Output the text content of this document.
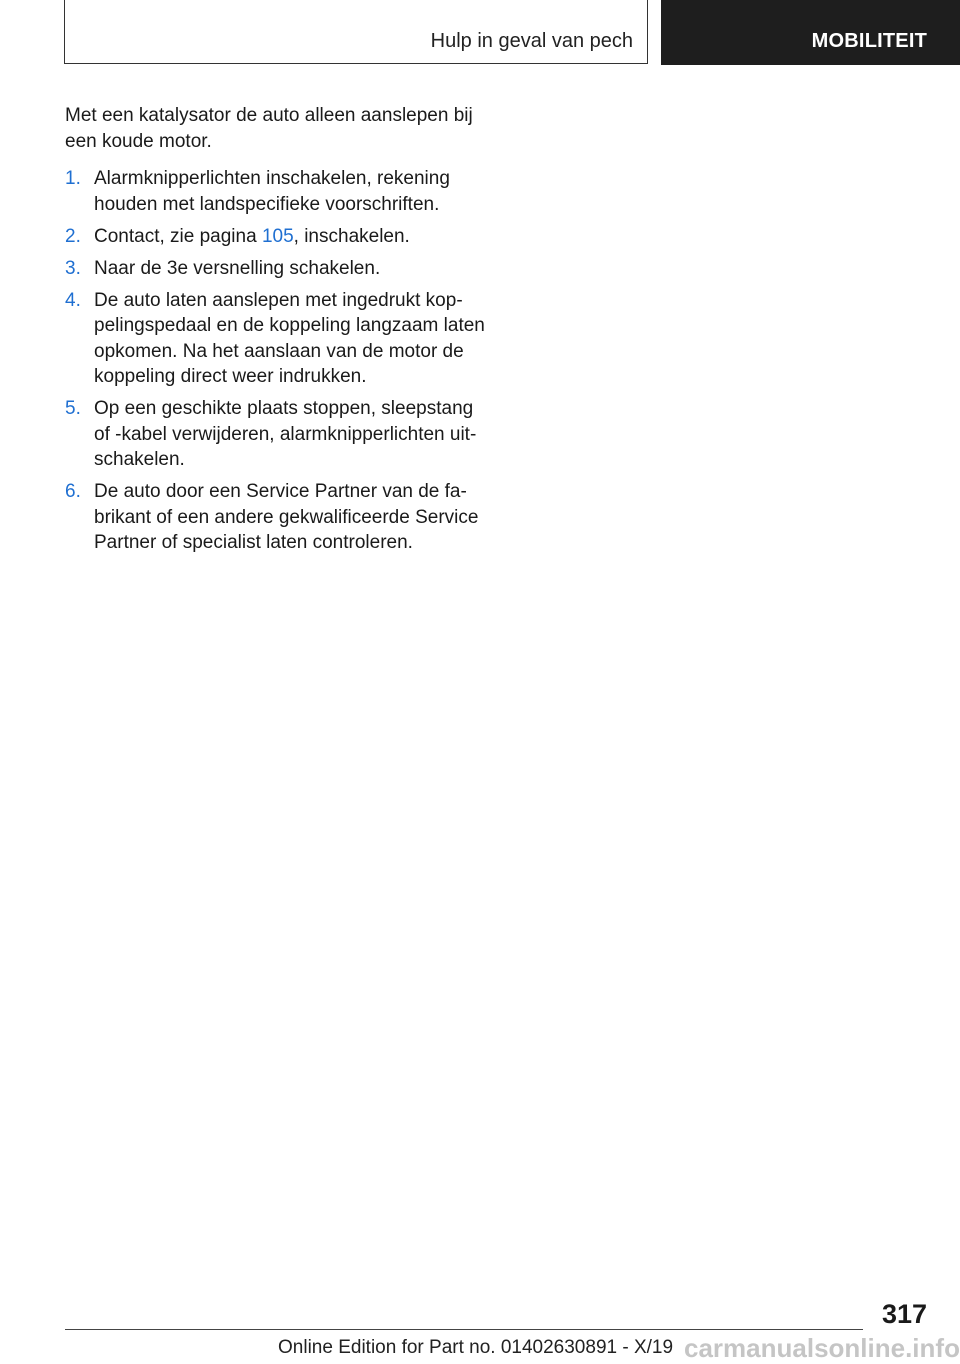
Hulp in geval van pech	MOBILITEIT

Met een katalysator de auto alleen aanslepen bij een koude motor.

1. Alarmknipperlichten inschakelen, rekening houden met landspecifieke voorschriften.
2. Contact, zie pagina 105, inschakelen.
3. Naar de 3e versnelling schakelen.
4. De auto laten aanslepen met ingedrukt koppelingspedaal en de koppeling langzaam laten opkomen. Na het aanslaan van de motor de koppeling direct weer indrukken.
5. Op een geschikte plaats stoppen, sleepstang of ‑kabel verwijderen, alarmknipperlichten uitschakelen.
6. De auto door een Service Partner van de fabrikant of een andere gekwalificeerde Service Partner of specialist laten controleren.
317
Online Edition for Part no. 01402630891 - X/19 carmanualsonline.info
